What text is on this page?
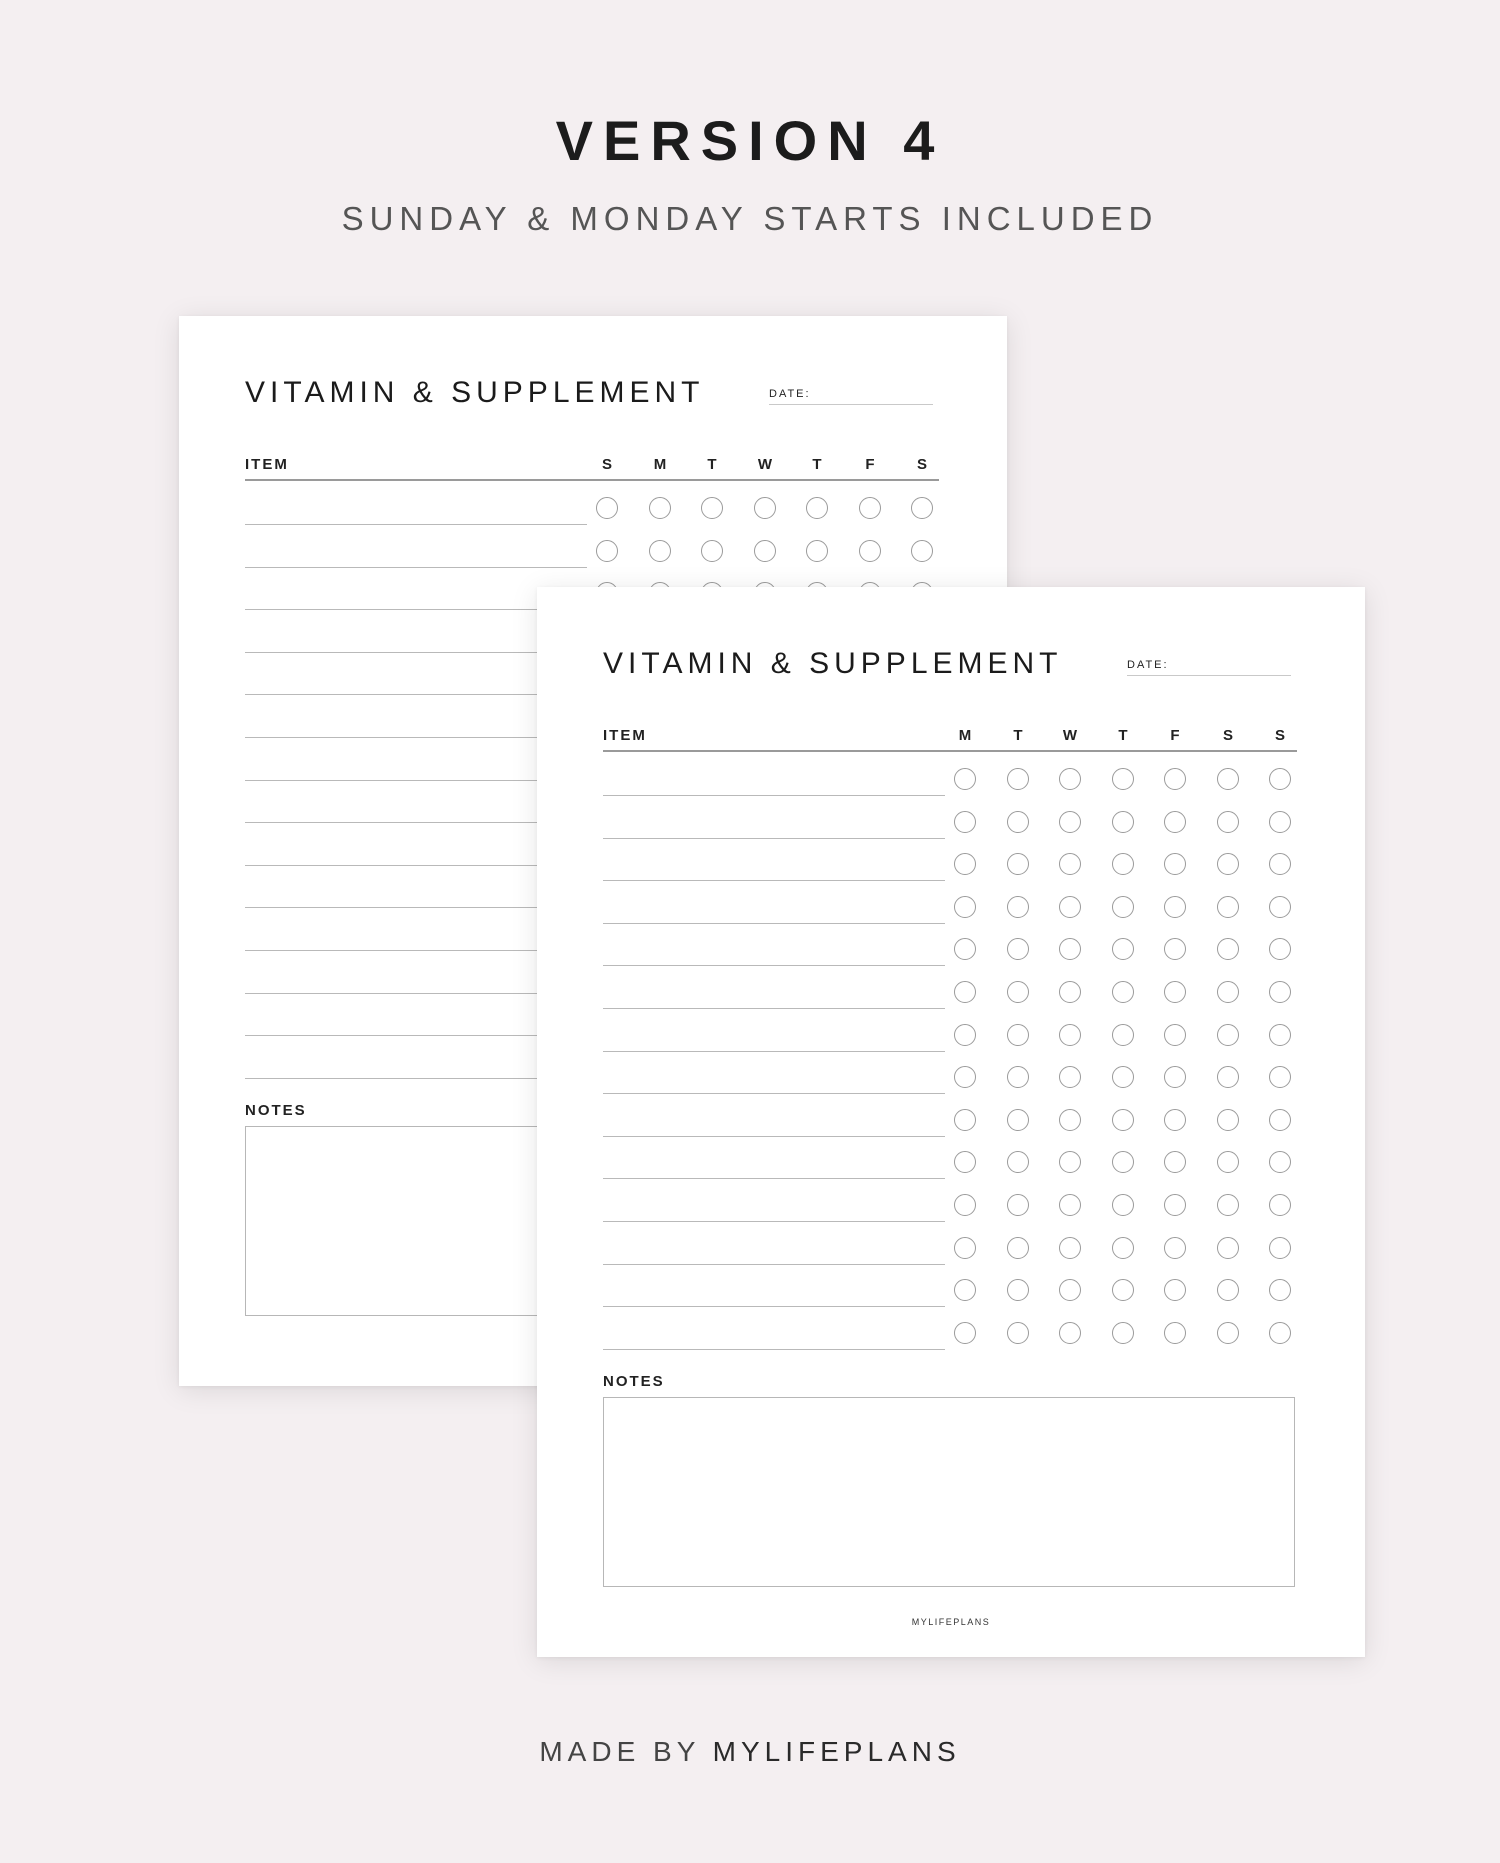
VERSION 4
SUNDAY & MONDAY STARTS INCLUDED
VITAMIN & SUPPLEMENT	DATE:
ITEM	S	M	T	W	T	F	S
NOTES
VITAMIN & SUPPLEMENT	DATE:
ITEM	M	T	W	T	F	S	S
NOTES
MYLIFEPLANS
MADE BY MYLIFEPLANS
